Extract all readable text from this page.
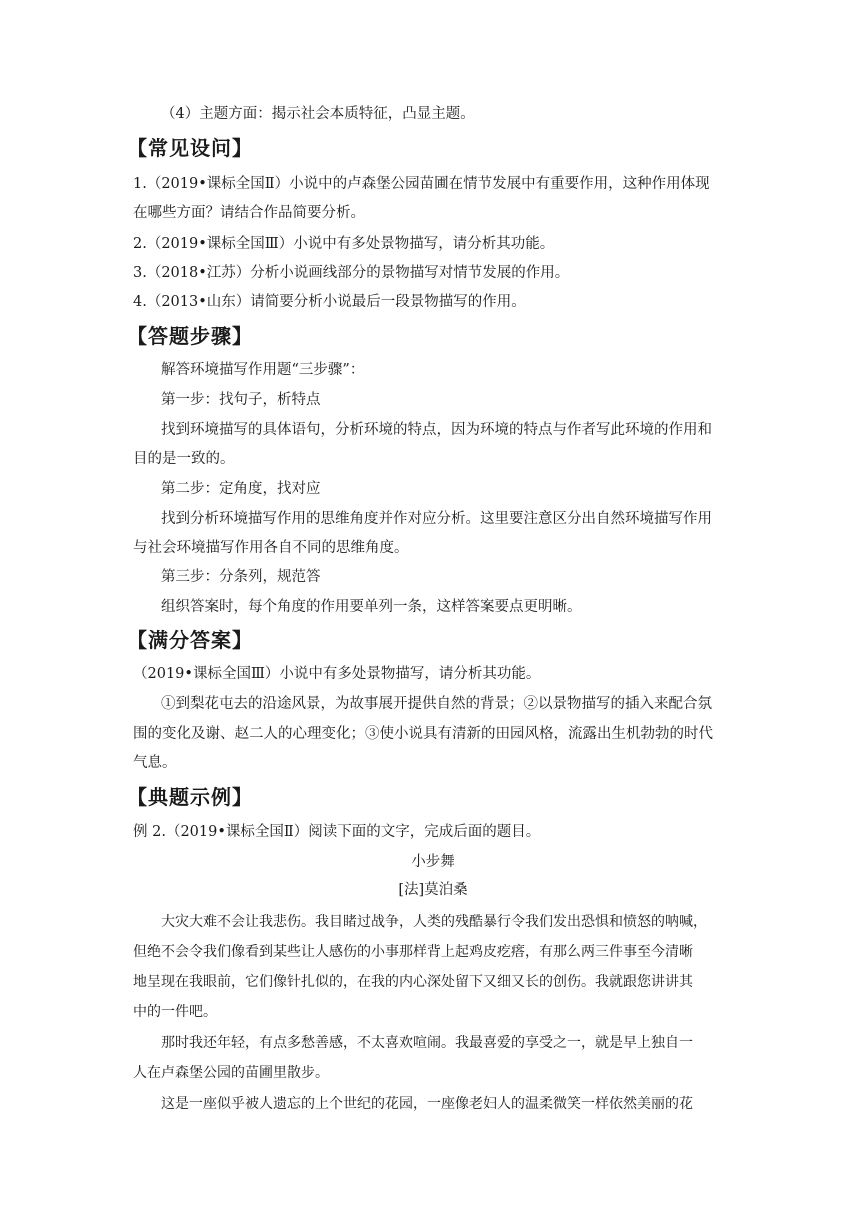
（4）主题方面：揭示社会本质特征，凸显主题。
【常见设问】
1.（2019•课标全国Ⅱ）小说中的卢森堡公园苗圃在情节发展中有重要作用，这种作用体现
在哪些方面？请结合作品简要分析。
2.（2019•课标全国Ⅲ）小说中有多处景物描写，请分析其功能。
3.（2018•江苏）分析小说画线部分的景物描写对情节发展的作用。
4.（2013•山东）请简要分析小说最后一段景物描写的作用。
【答题步骤】
解答环境描写作用题“三步骤”：
第一步：找句子，析特点
找到环境描写的具体语句，分析环境的特点，因为环境的特点与作者写此环境的作用和
目的是一致的。
第二步：定角度，找对应
找到分析环境描写作用的思维角度并作对应分析。这里要注意区分出自然环境描写作用
与社会环境描写作用各自不同的思维角度。
第三步：分条列，规范答
组织答案时，每个角度的作用要单列一条，这样答案要点更明晰。
【满分答案】
（2019•课标全国Ⅲ）小说中有多处景物描写，请分析其功能。
①到梨花屯去的沿途风景，为故事展开提供自然的背景；②以景物描写的插入来配合氛
围的变化及谢、赵二人的心理变化；③使小说具有清新的田园风格，流露出生机勃勃的时代
气息。
【典题示例】
例 2.（2019•课标全国Ⅱ）阅读下面的文字，完成后面的题目。
小步舞
[法]莫泊桑
大灾大难不会让我悲伤。我目睹过战争，人类的残酷暴行令我们发出恐惧和愤怒的呐喊，
但绝不会令我们像看到某些让人感伤的小事那样背上起鸡皮疙瘩，有那么两三件事至今清晰
地呈现在我眼前，它们像针扎似的，在我的内心深处留下又细又长的创伤。我就跟您讲讲其
中的一件吧。
那时我还年轻，有点多愁善感，不太喜欢喧闹。我最喜爱的享受之一，就是早上独自一
人在卢森堡公园的苗圃里散步。
这是一座似乎被人遗忘的上个世纪的花园，一座像老妇人的温柔微笑一样依然美丽的花
